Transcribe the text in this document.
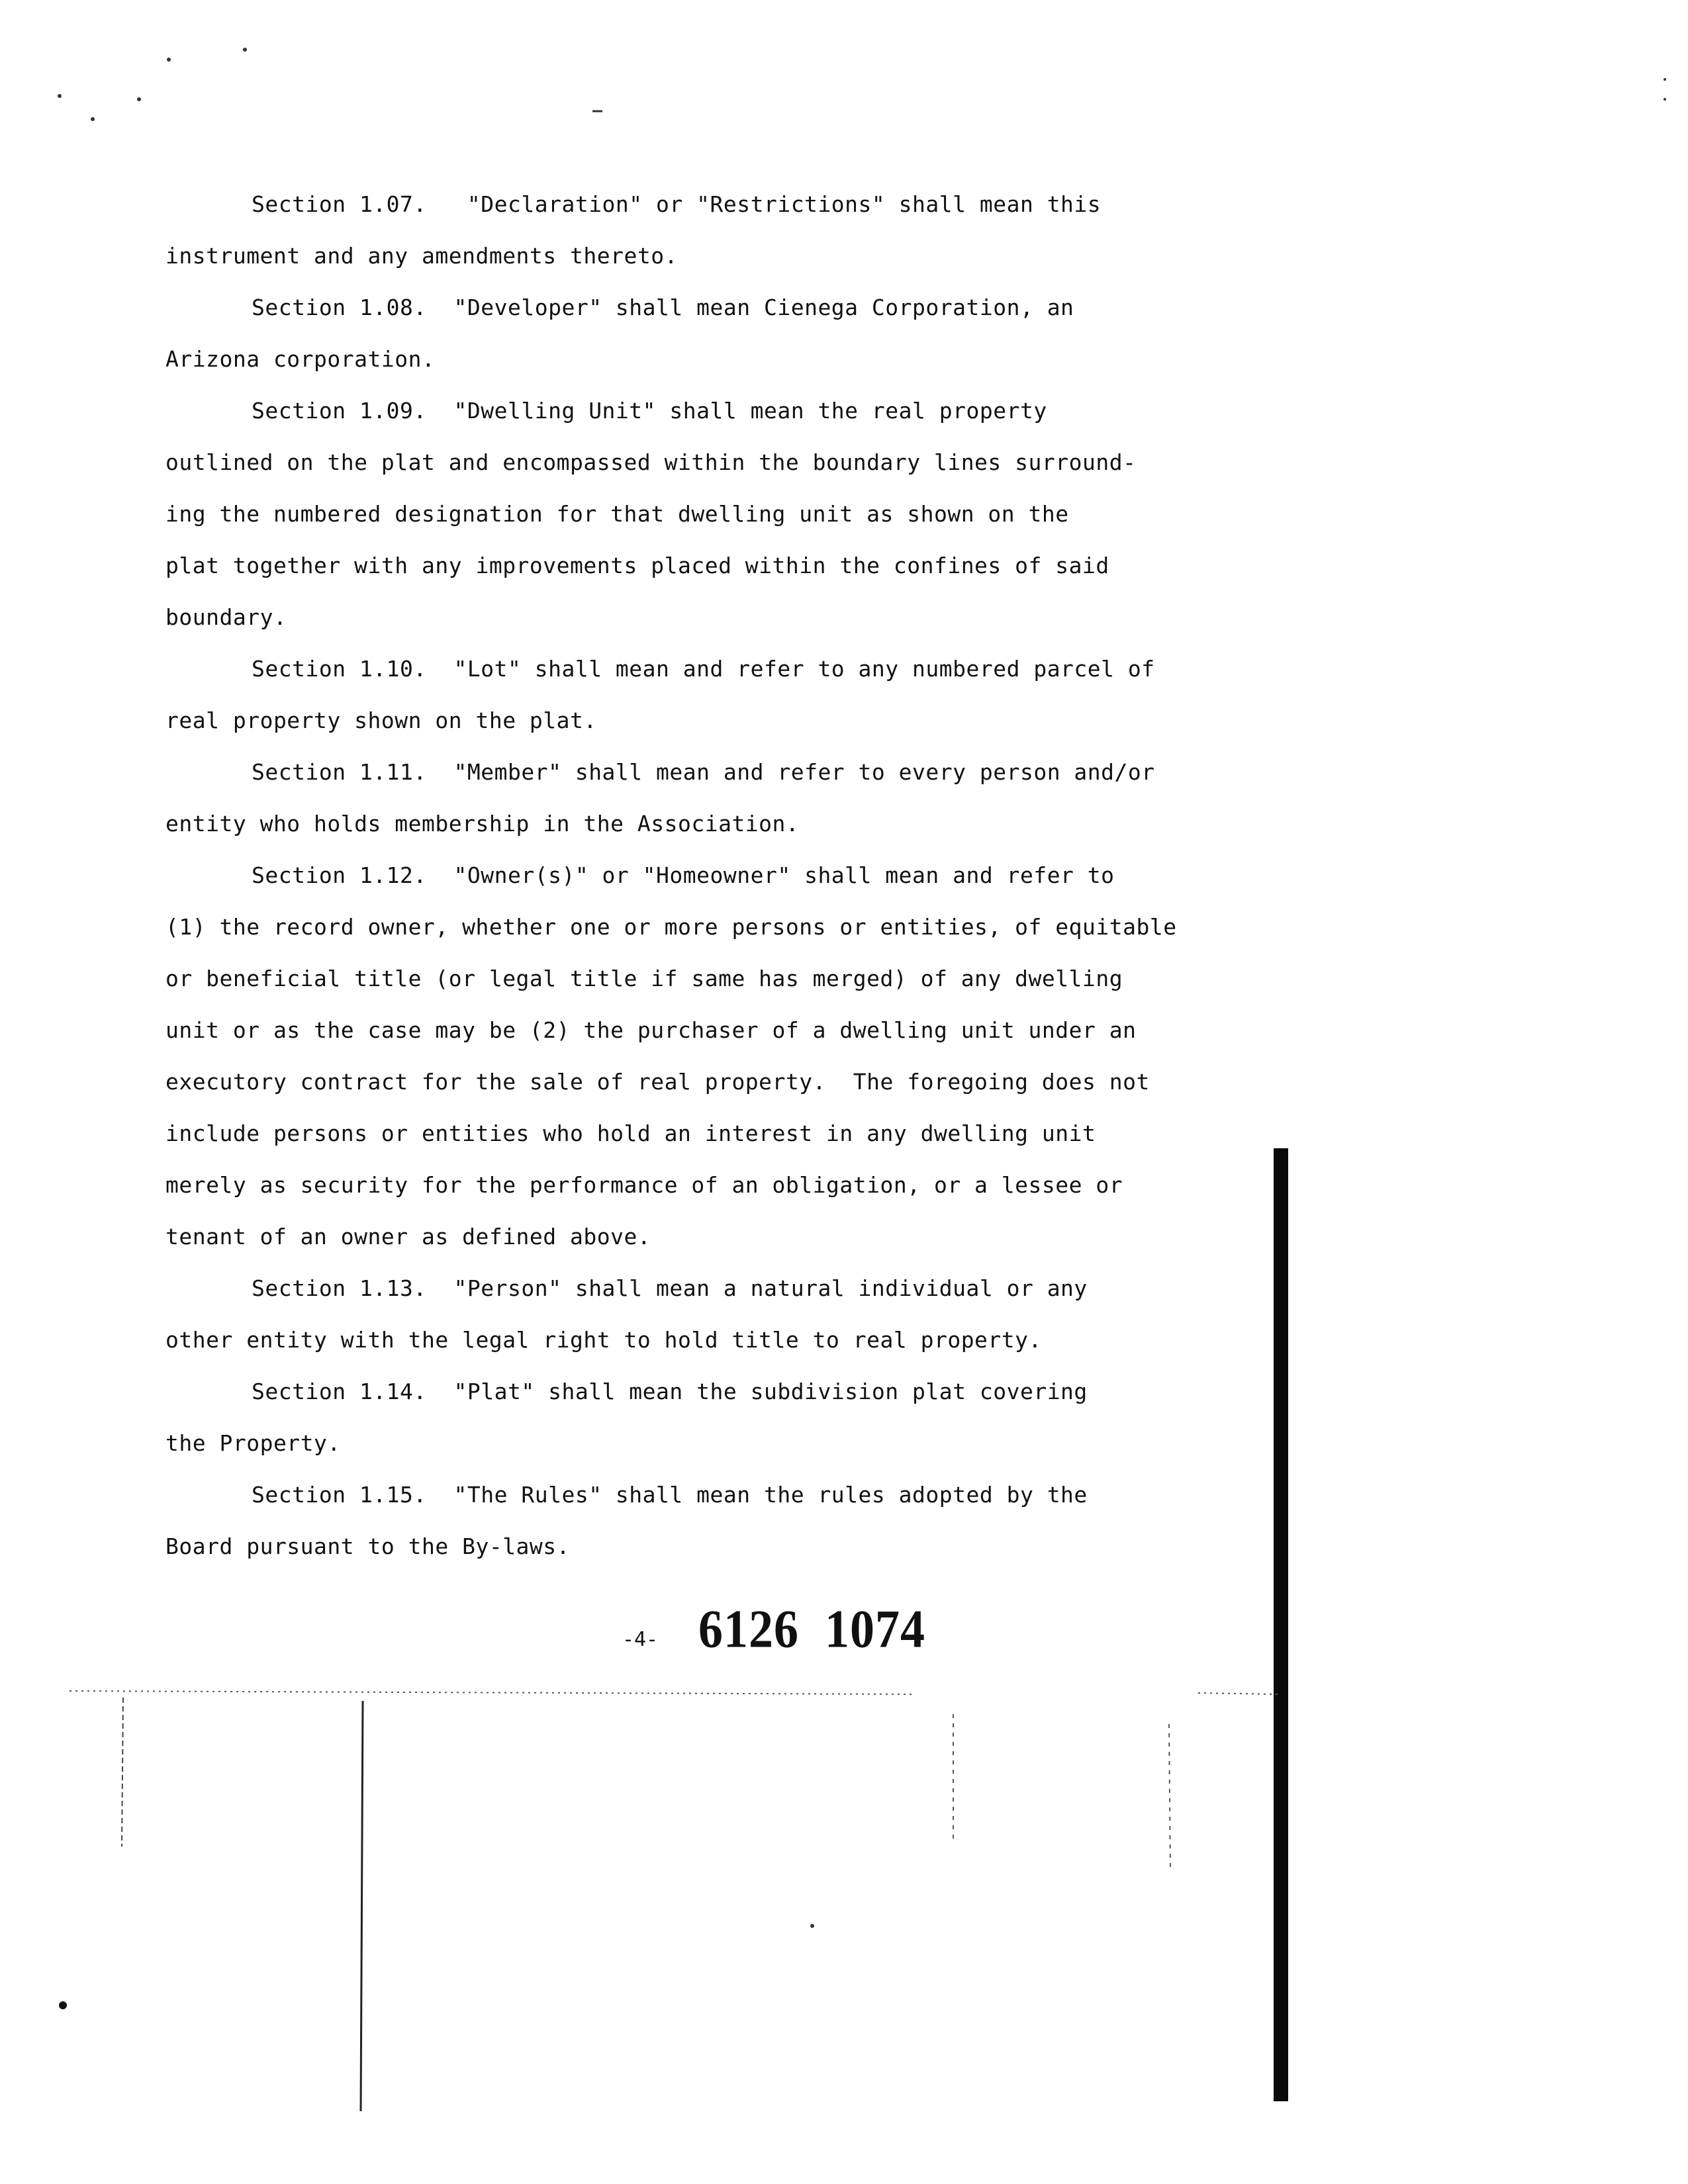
Section 1.07.   "Declaration" or "Restrictions" shall mean this
instrument and any amendments thereto.
Section 1.08.  "Developer" shall mean Cienega Corporation, an
Arizona corporation.
Section 1.09.  "Dwelling Unit" shall mean the real property
outlined on the plat and encompassed within the boundary lines surround-
ing the numbered designation for that dwelling unit as shown on the
plat together with any improvements placed within the confines of said
boundary.
Section 1.10.  "Lot" shall mean and refer to any numbered parcel of
real property shown on the plat.
Section 1.11.  "Member" shall mean and refer to every person and/or
entity who holds membership in the Association.
Section 1.12.  "Owner(s)" or "Homeowner" shall mean and refer to
(1) the record owner, whether one or more persons or entities, of equitable
or beneficial title (or legal title if same has merged) of any dwelling
unit or as the case may be (2) the purchaser of a dwelling unit under an
executory contract for the sale of real property.  The foregoing does not
include persons or entities who hold an interest in any dwelling unit
merely as security for the performance of an obligation, or a lessee or
tenant of an owner as defined above.
Section 1.13.  "Person" shall mean a natural individual or any
other entity with the legal right to hold title to real property.
Section 1.14.  "Plat" shall mean the subdivision plat covering
the Property.
Section 1.15.  "The Rules" shall mean the rules adopted by the
Board pursuant to the By-laws.
-4- 6126  1074
